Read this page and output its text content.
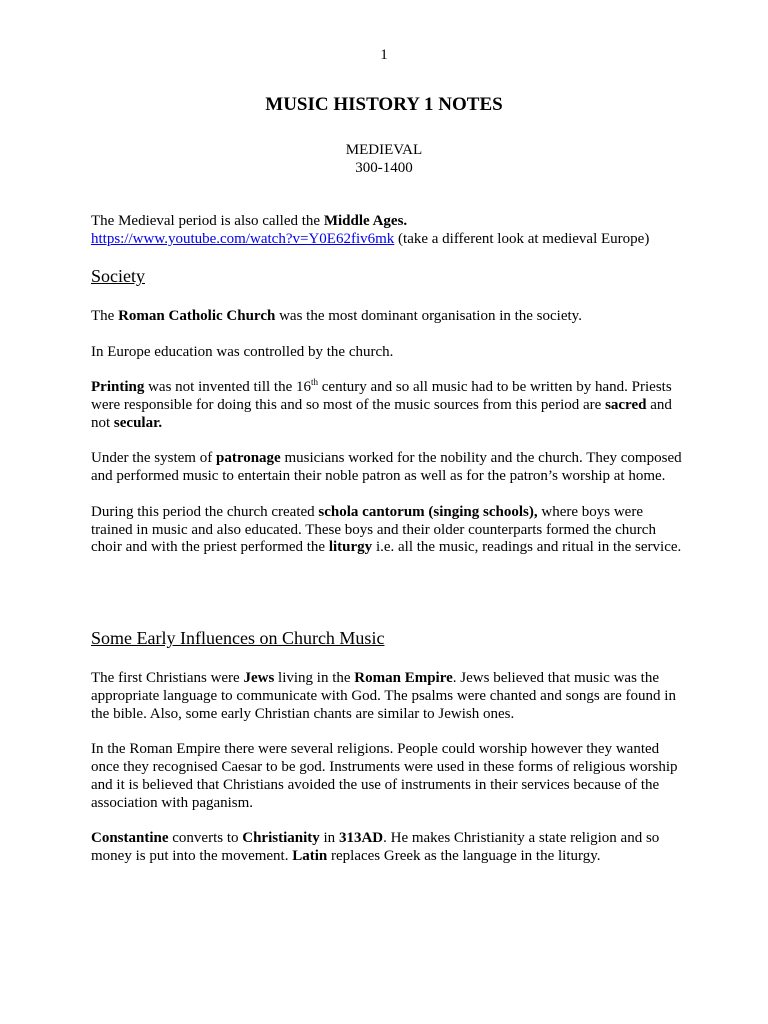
1
MUSIC HISTORY 1 NOTES
MEDIEVAL
300-1400

The Medieval period is also called the Middle Ages.
https://www.youtube.com/watch?v=Y0E62fiv6mk (take a different look at medieval Europe)

Society

The Roman Catholic Church was the most dominant organisation in the society.

In Europe education was controlled by the church.

Printing was not invented till the 16th century and so all music had to be written by hand. Priests were responsible for doing this and so most of the music sources from this period are sacred and not secular.

Under the system of patronage musicians worked for the nobility and the church. They composed and performed music to entertain their noble patron as well as for the patron’s worship at home.

During this period the church created schola cantorum (singing schools), where boys were trained in music and also educated. These boys and their older counterparts formed the church choir and with the priest performed the liturgy i.e. all the music, readings and ritual in the service.

Some Early Influences on Church Music

The first Christians were Jews living in the Roman Empire. Jews believed that music was the appropriate language to communicate with God. The psalms were chanted and songs are found in the bible. Also, some early Christian chants are similar to Jewish ones.

In the Roman Empire there were several religions. People could worship however they wanted once they recognised Caesar to be god. Instruments were used in these forms of religious worship and it is believed that Christians avoided the use of instruments in their services because of the association with paganism.

Constantine converts to Christianity in 313AD. He makes Christianity a state religion and so money is put into the movement. Latin replaces Greek as the language in the liturgy.
